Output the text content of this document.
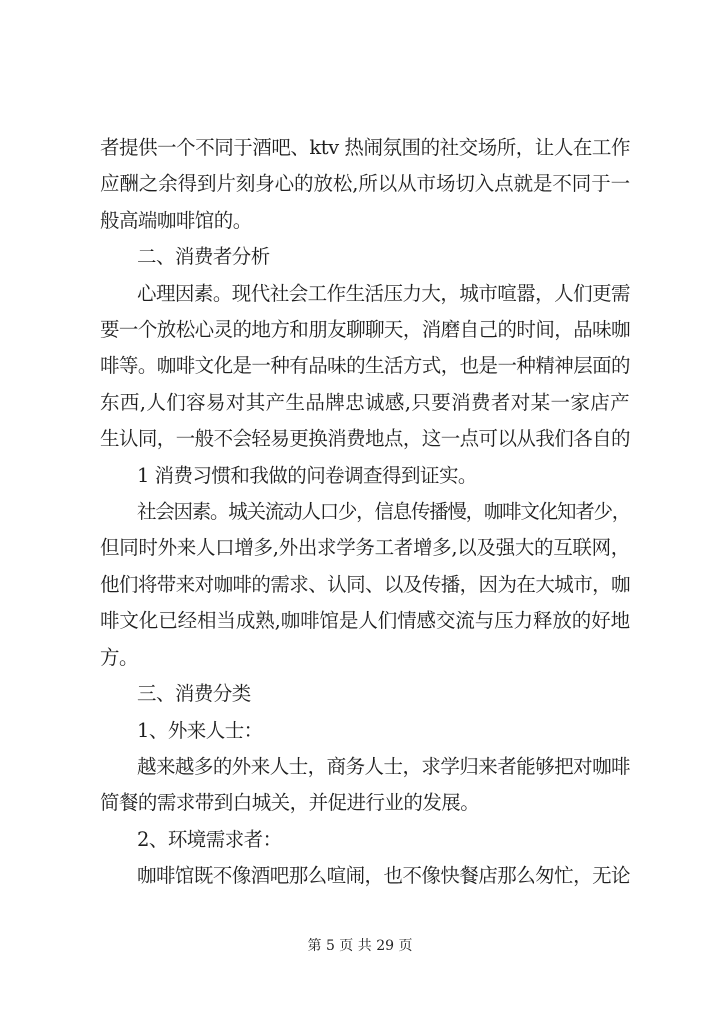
者提供一个不同于酒吧、ktv 热闹氛围的社交场所，让人在工作
应酬之余得到片刻身心的放松,所以从市场切入点就是不同于一
般高端咖啡馆的。
二、消费者分析
心理因素。现代社会工作生活压力大，城市喧嚣，人们更需
要一个放松心灵的地方和朋友聊聊天，消磨自己的时间，品味咖
啡等。咖啡文化是一种有品味的生活方式，也是一种精神层面的
东西,人们容易对其产生品牌忠诚感,只要消费者对某一家店产
生认同，一般不会轻易更换消费地点，这一点可以从我们各自的
1 消费习惯和我做的问卷调查得到证实。
社会因素。城关流动人口少，信息传播慢，咖啡文化知者少，
但同时外来人口增多,外出求学务工者增多,以及强大的互联网，
他们将带来对咖啡的需求、认同、以及传播，因为在大城市，咖
啡文化已经相当成熟,咖啡馆是人们情感交流与压力释放的好地
方。
三、消费分类
1、外来人士：
越来越多的外来人士，商务人士，求学归来者能够把对咖啡
简餐的需求带到白城关，并促进行业的发展。
2、环境需求者：
咖啡馆既不像酒吧那么喧闹，也不像快餐店那么匆忙，无论
第 5 页 共 29 页
